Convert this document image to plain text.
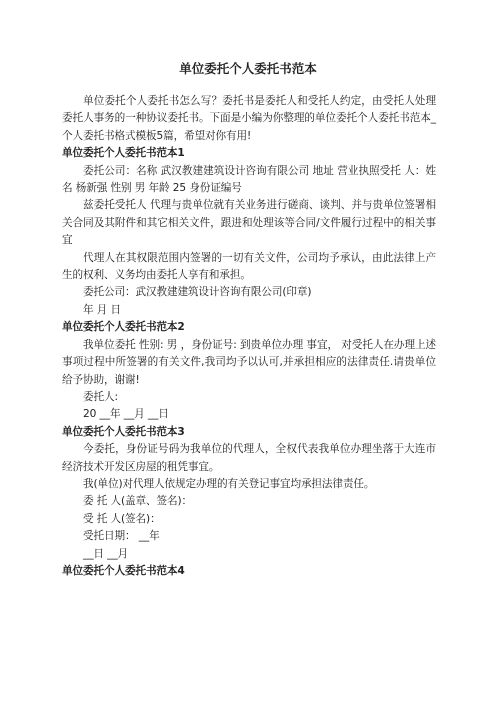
单位委托个人委托书范本

单位委托个人委托书怎么写？委托书是委托人和受托人约定，由受托人处理委托人事务的一种协议委托书。下面是小编为你整理的单位委托个人委托书范本_个人委托书格式模板5篇，希望对你有用!

单位委托个人委托书范本1

委托公司：名称 武汉教建建筑设计咨询有限公司 地址 营业执照受托 人：姓名 杨新强 性别 男 年龄 25 身份证编号

兹委托受托人 代理与贵单位就有关业务进行磋商、谈判、并与贵单位签署相关合同及其附件和其它相关文件，跟进和处理该等合同/文件履行过程中的相关事宜

代理人在其权限范围内签署的一切有关文件，公司均予承认，由此法律上产生的权利、义务均由委托人享有和承担。

委托公司：武汉教建建筑设计咨询有限公司(印章)

年 月 日

单位委托个人委托书范本2

我单位委托 性别: 男 ，身份证号: 到贵单位办理 事宜， 对受托人在办理上述事项过程中所签署的有关文件,我司均予以认可,并承担相应的法律责任.请贵单位给予协助，谢谢!

委托人:

20 __年 __月 __日

单位委托个人委托书范本3

今委托，身份证号码为我单位的代理人，全权代表我单位办理坐落于大连市经济技术开发区房屋的租凭事宜。

我(单位)对代理人依规定办理的有关登记事宜均承担法律责任。

委 托 人(盖章、签名)：

受 托 人(签名)：

受托日期： __年

__日 __月

单位委托个人委托书范本4
